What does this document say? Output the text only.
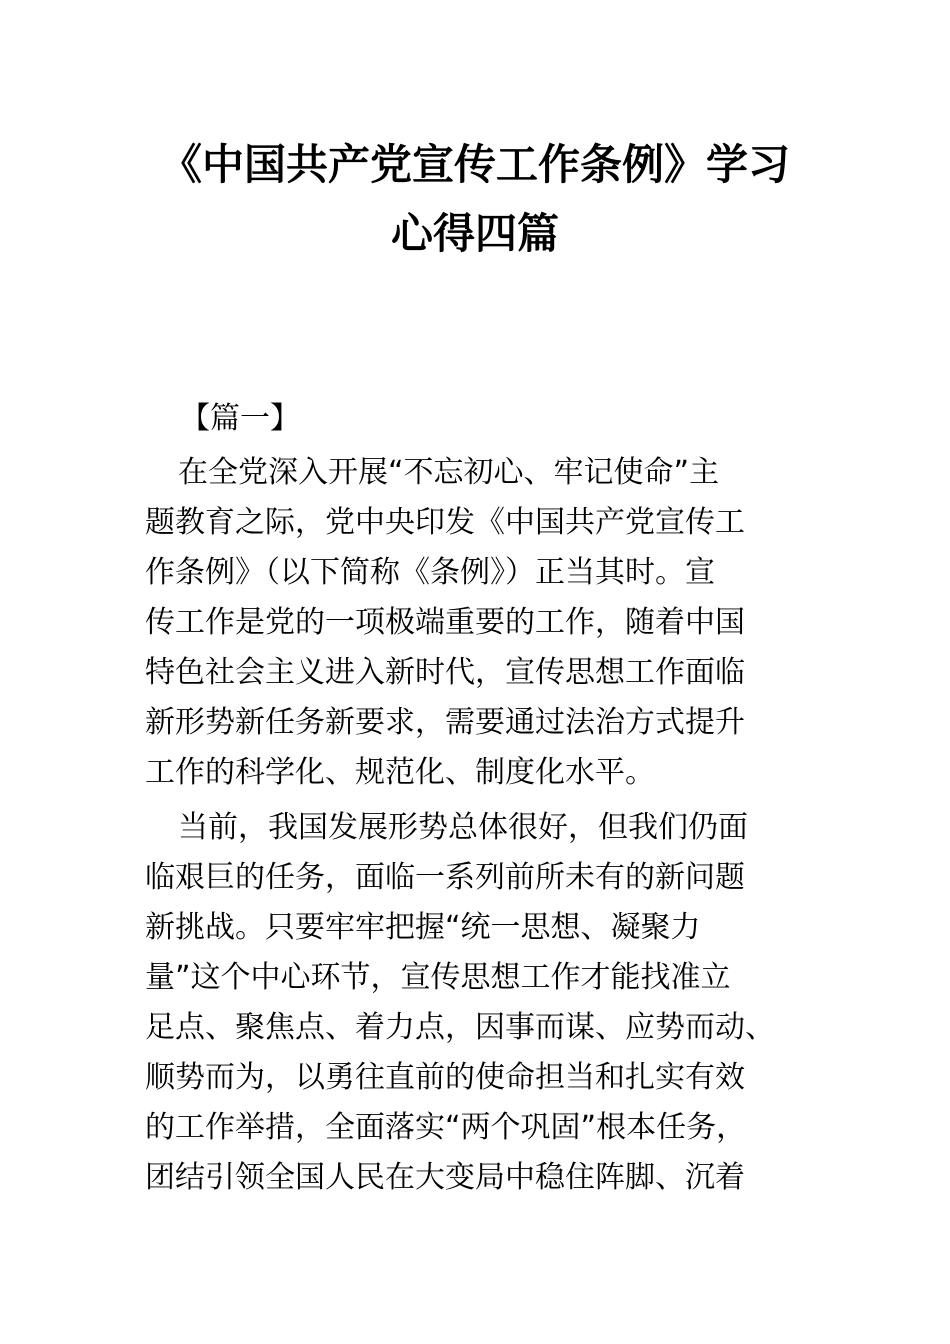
《中国共产党宣传工作条例》学习
心得四篇
【篇一】
在全党深入开展“不忘初心、牢记使命”主
题教育之际，党中央印发《中国共产党宣传工
作条例》（以下简称《条例》）正当其时。宣
传工作是党的一项极端重要的工作，随着中国
特色社会主义进入新时代，宣传思想工作面临
新形势新任务新要求，需要通过法治方式提升
工作的科学化、规范化、制度化水平。
当前，我国发展形势总体很好，但我们仍面
临艰巨的任务，面临一系列前所未有的新问题
新挑战。只要牢牢把握“统一思想、凝聚力
量”这个中心环节，宣传思想工作才能找准立
足点、聚焦点、着力点，因事而谋、应势而动、
顺势而为，以勇往直前的使命担当和扎实有效
的工作举措，全面落实“两个巩固”根本任务，
团结引领全国人民在大变局中稳住阵脚、沉着
